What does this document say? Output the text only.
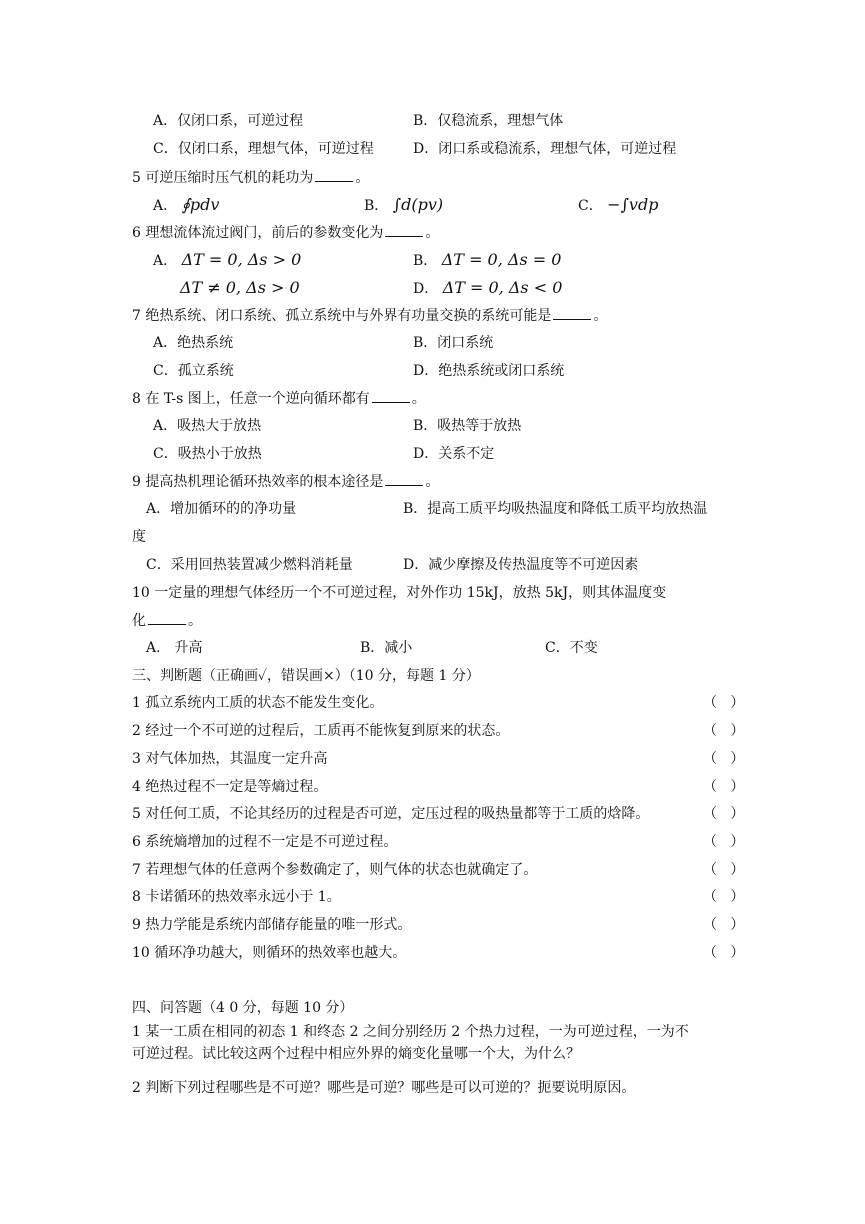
A．仅闭口系，可逆过程	B．仅稳流系，理想气体
C．仅闭口系，理想气体，可逆过程	D．闭口系或稳流系，理想气体，可逆过程
5 可逆压缩时压气机的耗功为	。
A． ∮pdv	B． ∫d(pv)	C． −∫vdp
6 理想流体流过阀门，前后的参数变化为	。
A． ΔT = 0, Δs > 0	B． ΔT = 0, Δs = 0
ΔT ≠ 0, Δs > 0	D． ΔT = 0, Δs < 0
7 绝热系统、闭口系统、孤立系统中与外界有功量交换的系统可能是	。
A．绝热系统	B．闭口系统
C．孤立系统	D．绝热系统或闭口系统
8 在 T-s 图上，任意一个逆向循环都有	。
A．吸热大于放热	B．吸热等于放热
C．吸热小于放热	D．关系不定
9 提高热机理论循环热效率的根本途径是	。
A．增加循环的的净功量	B．提高工质平均吸热温度和降低工质平均放热温
度
C．采用回热装置减少燃料消耗量	D．减少摩擦及传热温度等不可逆因素
10 一定量的理想气体经历一个不可逆过程，对外作功 15kJ，放热 5kJ，则其体温度变
化	。
A． 升高	B．减小	C．不变
三、判断题（正确画✓，错误画×）（10 分，每题 1 分）
1 孤立系统内工质的状态不能发生变化。	（   ）
2 经过一个不可逆的过程后，工质再不能恢复到原来的状态。	（   ）
3 对气体加热，其温度一定升高	（   ）
4 绝热过程不一定是等熵过程。	（   ）
5 对任何工质，不论其经历的过程是否可逆，定压过程的吸热量都等于工质的焓降。	（   ）
6 系统熵增加的过程不一定是不可逆过程。	（   ）
7 若理想气体的任意两个参数确定了，则气体的状态也就确定了。	（   ）
8 卡诺循环的热效率永远小于 1。	（   ）
9 热力学能是系统内部储存能量的唯一形式。	（   ）
10 循环净功越大，则循环的热效率也越大。	（   ）
四、问答题（4 0 分，每题 10 分）
1 某一工质在相同的初态 1 和终态 2 之间分别经历 2 个热力过程，一为可逆过程，一为不
可逆过程。试比较这两个过程中相应外界的熵变化量哪一个大，为什么？
2 判断下列过程哪些是不可逆？哪些是可逆？哪些是可以可逆的？扼要说明原因。
